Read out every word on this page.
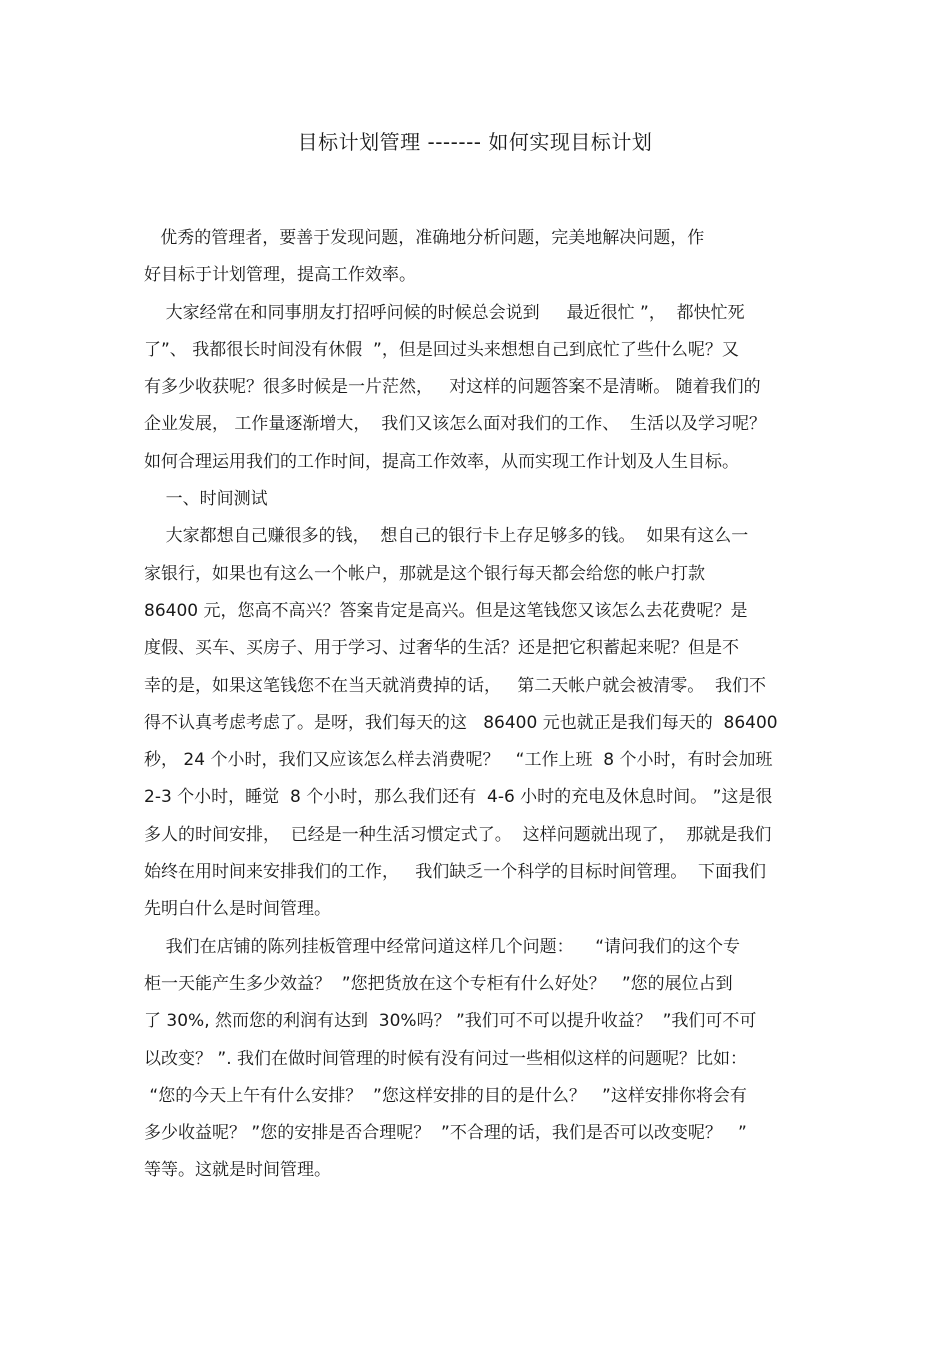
目标计划管理 ------- 如何实现目标计划
优秀的管理者，要善于发现问题，准确地分析问题，完美地解决问题，作
好目标于计划管理，提高工作效率。
大家经常在和同事朋友打招呼问候的时候总会说到     最近很忙 ”，  都快忙死
了”、 我都很长时间没有休假  ”，但是回过头来想想自己到底忙了些什么呢？又
有多少收获呢？很多时候是一片茫然，   对这样的问题答案不是清晰。 随着我们的
企业发展， 工作量逐渐增大，  我们又该怎么面对我们的工作、  生活以及学习呢？
如何合理运用我们的工作时间，提高工作效率，从而实现工作计划及人生目标。
一、时间测试
大家都想自己赚很多的钱，  想自己的银行卡上存足够多的钱。  如果有这么一
家银行，如果也有这么一个帐户，那就是这个银行每天都会给您的帐户打款
86400 元，您高不高兴？答案肯定是高兴。但是这笔钱您又该怎么去花费呢？是
度假、买车、买房子、用于学习、过奢华的生活？还是把它积蓄起来呢？但是不
幸的是，如果这笔钱您不在当天就消费掉的话，   第二天帐户就会被清零。  我们不
得不认真考虑考虑了。是呀，我们每天的这   86400 元也就正是我们每天的  86400
秒， 24 个小时，我们又应该怎么样去消费呢？   “工作上班  8 个小时，有时会加班
2-3 个小时，睡觉  8 个小时，那么我们还有  4-6 小时的充电及休息时间。 ”这是很
多人的时间安排，  已经是一种生活习惯定式了。  这样问题就出现了，  那就是我们
始终在用时间来安排我们的工作，   我们缺乏一个科学的目标时间管理。  下面我们
先明白什么是时间管理。
我们在店铺的陈列挂板管理中经常问道这样几个问题：    “请问我们的这个专
柜一天能产生多少效益？  ”您把货放在这个专柜有什么好处？   ”您的展位占到
了 30%, 然而您的利润有达到  30%吗？ ”我们可不可以提升收益？  ”我们可不可
以改变？ ”. 我们在做时间管理的时候有没有问过一些相似这样的问题呢？比如：
“您的今天上午有什么安排？  ”您这样安排的目的是什么？   ”这样安排你将会有
多少收益呢？ ”您的安排是否合理呢？  ”不合理的话，我们是否可以改变呢？   ”
等等。这就是时间管理。
